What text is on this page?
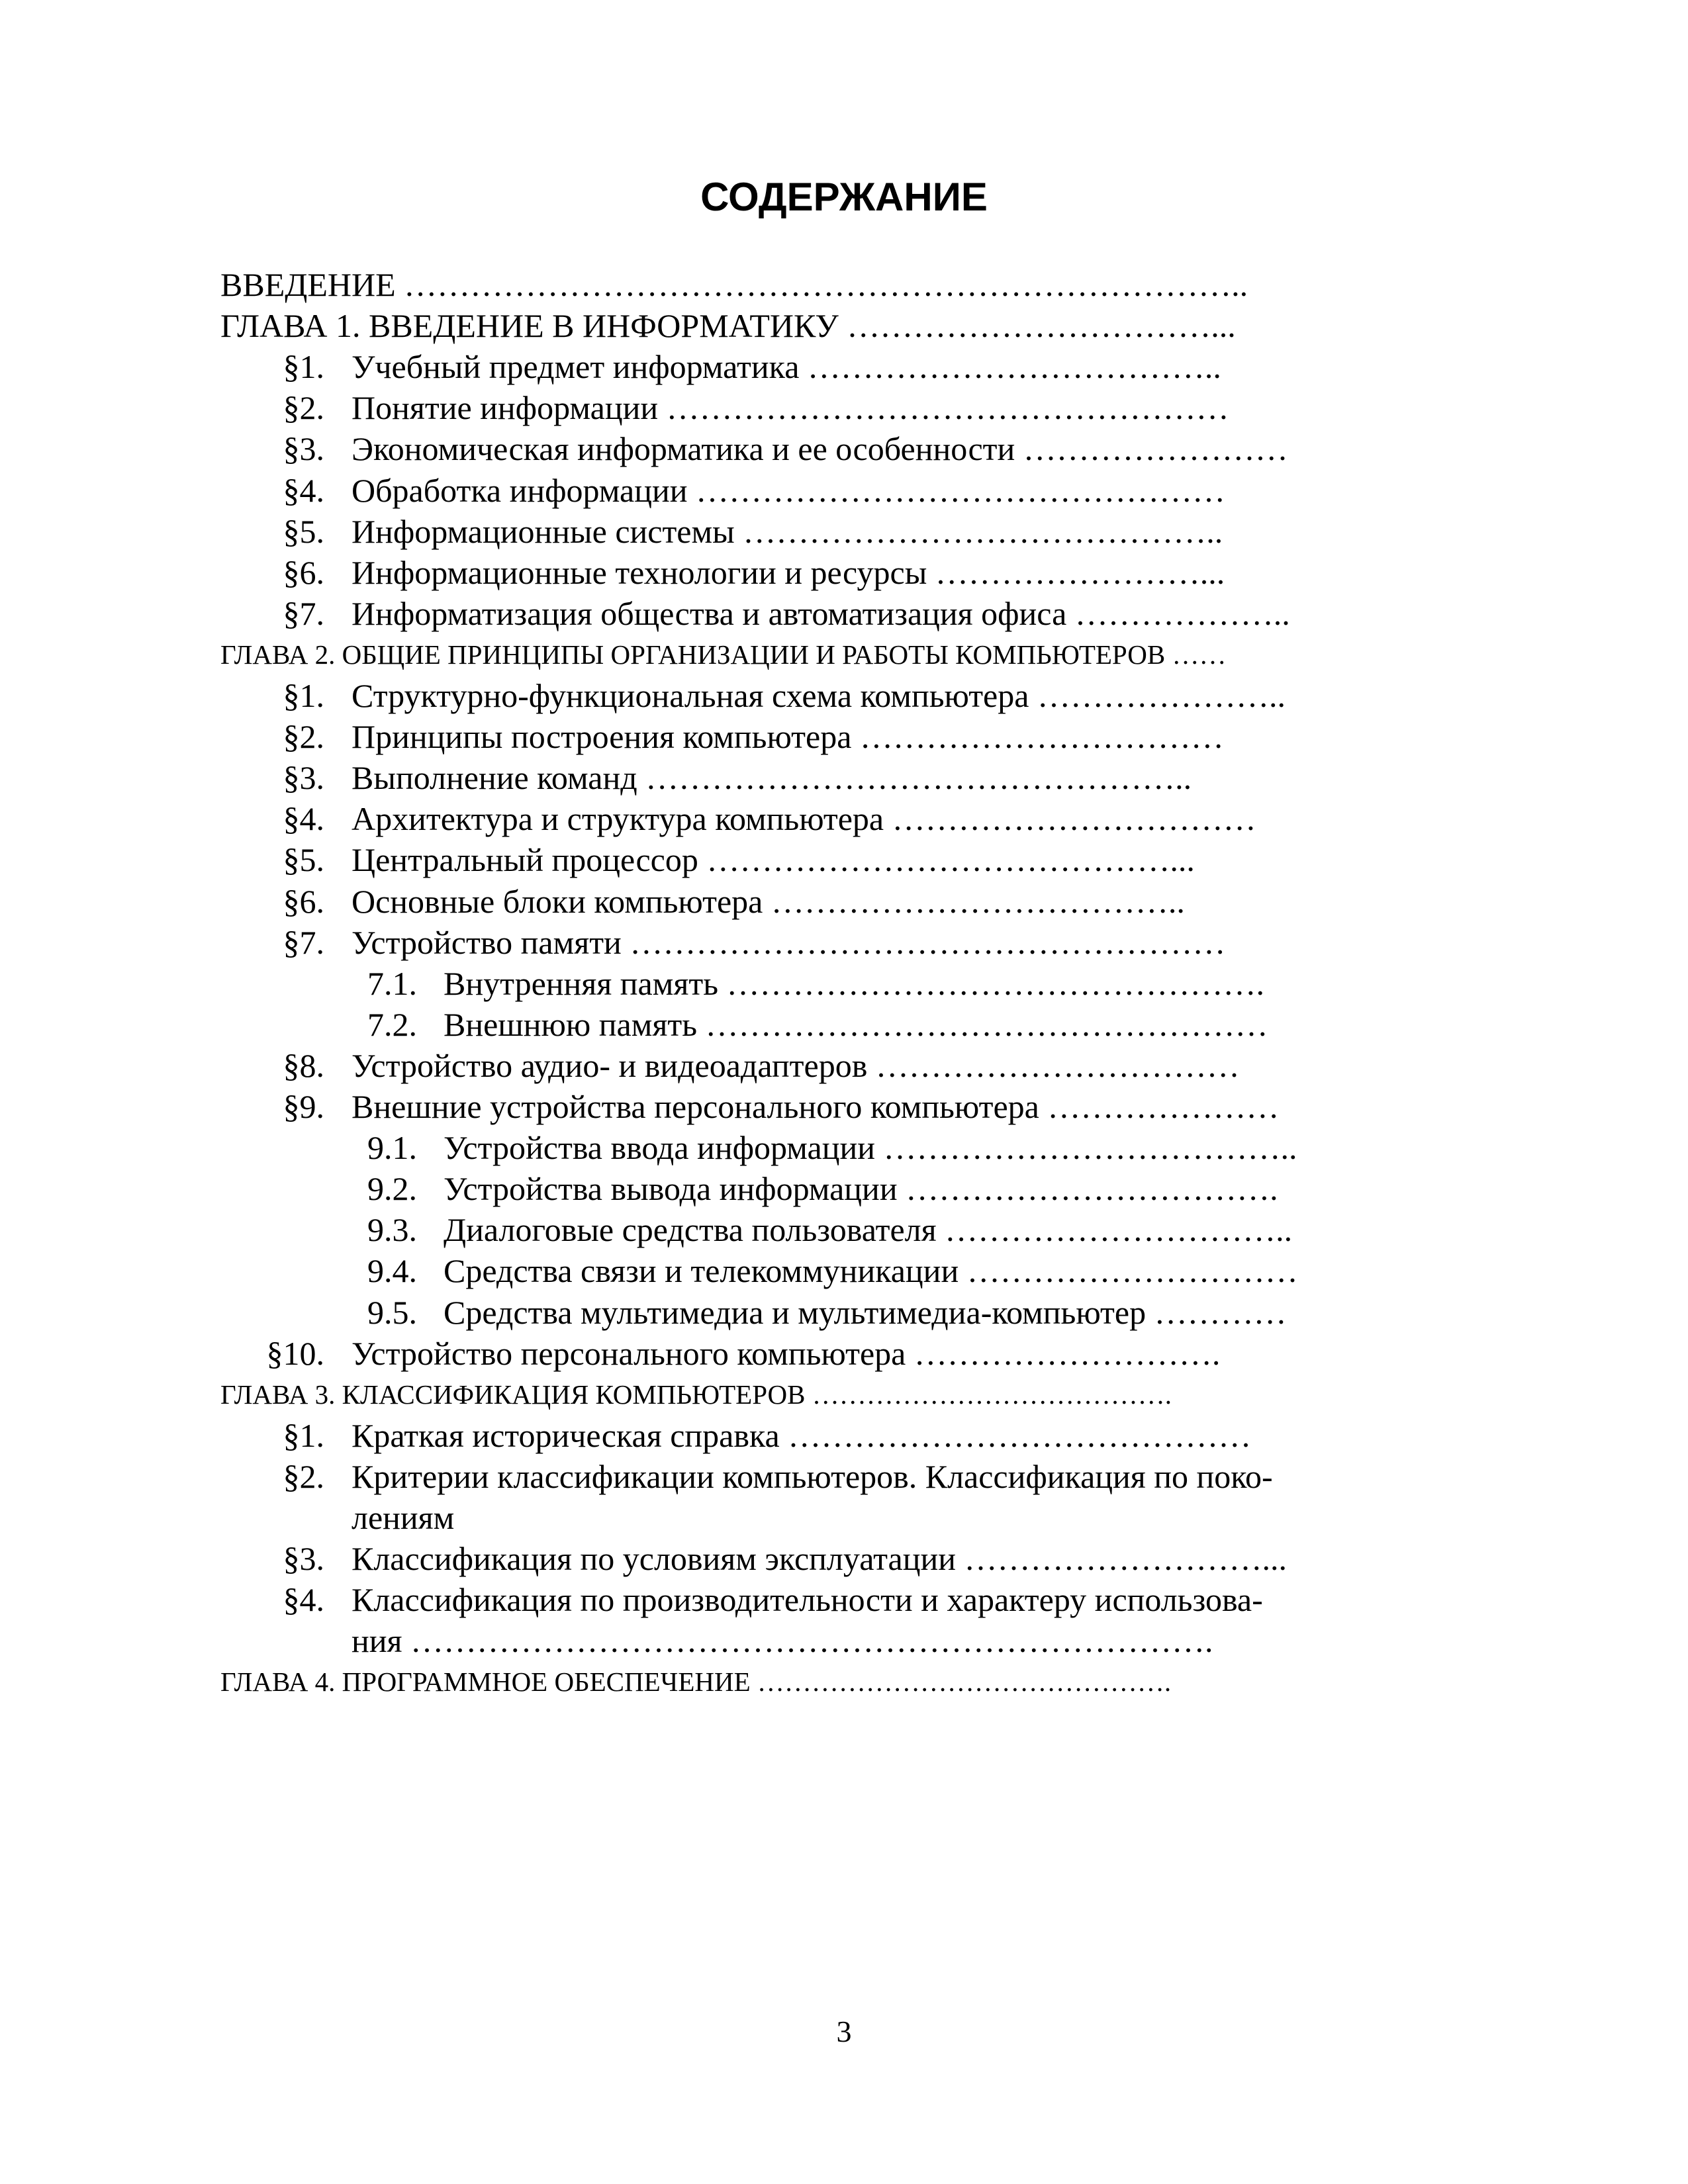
СОДЕРЖАНИЕ
ВВЕДЕНИЕ …………………………………………………………………..
ГЛАВА 1. ВВЕДЕНИЕ В ИНФОРМАТИКУ ……………………………...
§1. Учебный предмет информатика ………………………………..
§2. Понятие информации ……………………………………………
§3. Экономическая информатика и ее особенности ……………………
§4. Обработка информации …………………………………………
§5. Информационные системы ……………………………………..
§6. Информационные технологии и ресурсы ……………………...
§7. Информатизация общества и автоматизация офиса ………………..
ГЛАВА 2. ОБЩИЕ ПРИНЦИПЫ ОРГАНИЗАЦИИ И РАБОТЫ КОМПЬЮТЕРОВ ……
§1. Структурно-функциональная схема компьютера …………………..
§2. Принципы построения компьютера ……………………………
§3. Выполнение команд …………………………………………..
§4. Архитектура и структура компьютера ……………………………
§5. Центральный процессор ……………………………………...
§6. Основные блоки компьютера ………………………………..
§7. Устройство памяти ………………………………………………
7.1. Внутренняя память ………………………………………….
7.2. Внешнюю память ……………………………………………
§8. Устройство аудио- и видеоадаптеров ……………………………
§9. Внешние устройства персонального компьютера …………………
9.1. Устройства ввода информации ………………………………..
9.2. Устройства вывода информации …………………………….
9.3. Диалоговые средства пользователя …………………………..
9.4. Средства связи и телекоммуникации …………………………
9.5. Средства мультимедиа и мультимедиа-компьютер …………
§10. Устройство персонального компьютера ……………………….
ГЛАВА 3. КЛАССИФИКАЦИЯ КОМПЬЮТЕРОВ ………………………………….
§1. Краткая историческая справка ……………………………………
§2. Критерии классификации компьютеров. Классификация по поко-
лениям
§3. Классификация по условиям эксплуатации ………………………...
§4. Классификация по производительности и характеру использова-
ния ……………………………………………………………….
ГЛАВА 4. ПРОГРАММНОЕ ОБЕСПЕЧЕНИЕ ……………………………………….
3
